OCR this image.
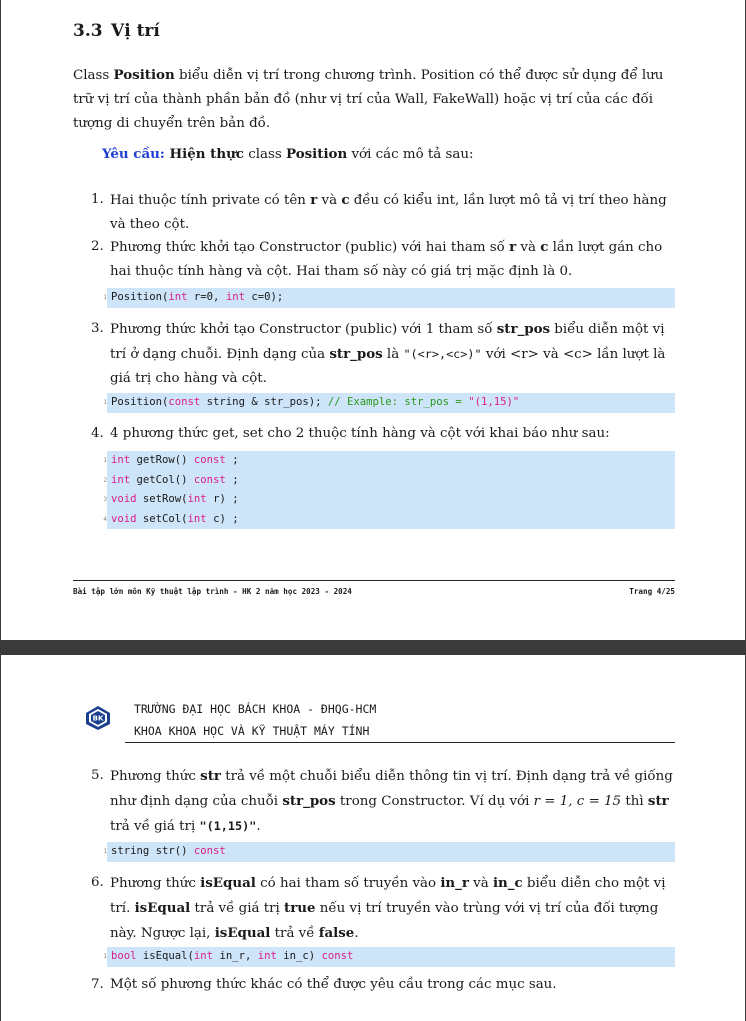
3.3 Vị trí
Class Position biểu diễn vị trí trong chương trình. Position có thể được sử dụng để lưu trữ vị trí của thành phần bản đồ (như vị trí của Wall, FakeWall) hoặc vị trí của các đối tượng di chuyển trên bản đồ.
Yêu cầu: Hiện thực class Position với các mô tả sau:
1. Hai thuộc tính private có tên r và c đều có kiểu int, lần lượt mô tả vị trí theo hàng và theo cột.
2. Phương thức khởi tạo Constructor (public) với hai tham số r và c lần lượt gán cho hai thuộc tính hàng và cột. Hai tham số này có giá trị mặc định là 0.
1 Position(int r=0, int c=0);
3. Phương thức khởi tạo Constructor (public) với 1 tham số str_pos biểu diễn một vị trí ở dạng chuỗi. Định dạng của str_pos là "(<r>,<c>)" với <r> và <c> lần lượt là giá trị cho hàng và cột.
1 Position(const string & str_pos); // Example: str_pos = "(1,15)"
4. 4 phương thức get, set cho 2 thuộc tính hàng và cột với khai báo như sau:
1 int getRow() const ;
2 int getCol() const ;
3 void setRow(int r) ;
4 void setCol(int c) ;
Bài tập lớn môn Kỹ thuật lập trình - HK 2 năm học 2023 - 2024	Trang 4/25
BK
TRƯỜNG ĐẠI HỌC BÁCH KHOA - ĐHQG-HCM
KHOA KHOA HỌC VÀ KỸ THUẬT MÁY TÍNH
5. Phương thức str trả về một chuỗi biểu diễn thông tin vị trí. Định dạng trả về giống như định dạng của chuỗi str_pos trong Constructor. Ví dụ với r = 1, c = 15 thì str trả về giá trị "(1,15)".
1 string str() const
6. Phương thức isEqual có hai tham số truyền vào in_r và in_c biểu diễn cho một vị trí. isEqual trả về giá trị true nếu vị trí truyền vào trùng với vị trí của đối tượng này. Ngược lại, isEqual trả về false.
1 bool isEqual(int in_r, int in_c) const
7. Một số phương thức khác có thể được yêu cầu trong các mục sau.
